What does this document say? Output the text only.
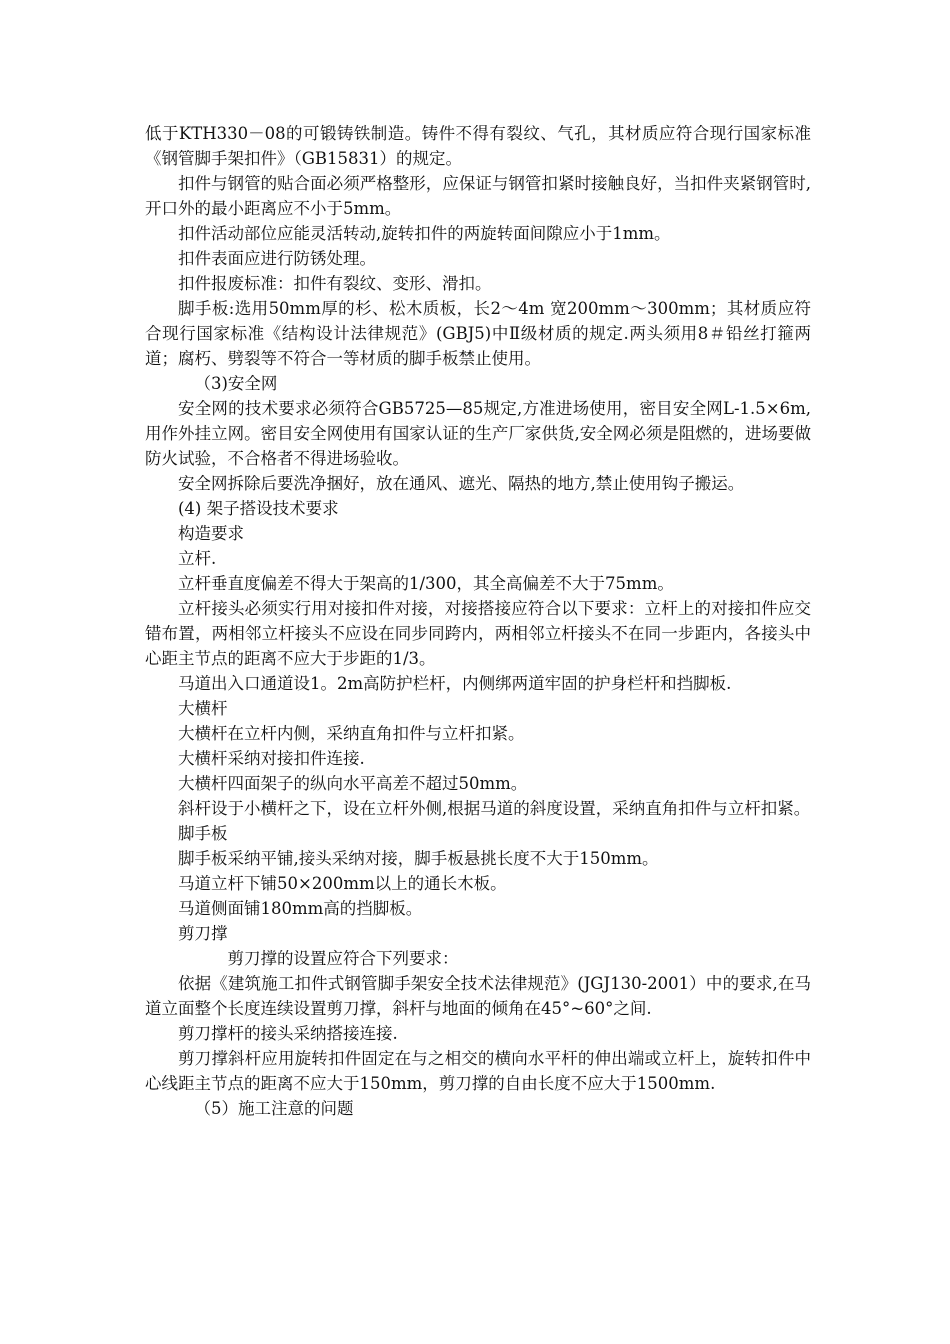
低于KTH330－08的可锻铸铁制造。铸件不得有裂纹、气孔，其材质应符合现行国家标准《钢管脚手架扣件》（GB15831）的规定。

扣件与钢管的贴合面必须严格整形，应保证与钢管扣紧时接触良好，当扣件夹紧钢管时,开口外的最小距离应不小于5mm。

扣件活动部位应能灵活转动,旋转扣件的两旋转面间隙应小于1mm。

扣件表面应进行防锈处理。

扣件报废标准：扣件有裂纹、变形、滑扣。

脚手板:选用50mm厚的杉、松木质板，长2～4m 宽200mm～300mm；其材质应符合现行国家标准《结构设计法律规范》(GBJ5)中Ⅱ级材质的规定.两头须用8＃铅丝打箍两道；腐朽、劈裂等不符合一等材质的脚手板禁止使用。

（3)安全网

安全网的技术要求必须符合GB5725—85规定,方准进场使用，密目安全网L-1.5×6m,用作外挂立网。密目安全网使用有国家认证的生产厂家供货,安全网必须是阻燃的，进场要做防火试验，不合格者不得进场验收。

安全网拆除后要洗净捆好，放在通风、遮光、隔热的地方,禁止使用钩子搬运。

(4) 架子搭设技术要求

构造要求

立杆.

立杆垂直度偏差不得大于架高的1/300，其全高偏差不大于75mm。

立杆接头必须实行用对接扣件对接，对接搭接应符合以下要求：立杆上的对接扣件应交错布置，两相邻立杆接头不应设在同步同跨内，两相邻立杆接头不在同一步距内，各接头中心距主节点的距离不应大于步距的1/3。

马道出入口通道设1。2m高防护栏杆，内侧绑两道牢固的护身栏杆和挡脚板.

大横杆

大横杆在立杆内侧，采纳直角扣件与立杆扣紧。

大横杆采纳对接扣件连接.

大横杆四面架子的纵向水平高差不超过50mm。

斜杆设于小横杆之下，设在立杆外侧,根据马道的斜度设置，采纳直角扣件与立杆扣紧。

脚手板

脚手板采纳平铺,接头采纳对接，脚手板悬挑长度不大于150mm。

马道立杆下铺50×200mm以上的通长木板。

马道侧面铺180mm高的挡脚板。

剪刀撑

剪刀撑的设置应符合下列要求：

依据《建筑施工扣件式钢管脚手架安全技术法律规范》(JGJ130-2001）中的要求,在马道立面整个长度连续设置剪刀撑，斜杆与地面的倾角在45°~60°之间.

剪刀撑杆的接头采纳搭接连接.

剪刀撑斜杆应用旋转扣件固定在与之相交的横向水平杆的伸出端或立杆上，旋转扣件中心线距主节点的距离不应大于150mm，剪刀撑的自由长度不应大于1500mm.

（5）施工注意的问题
